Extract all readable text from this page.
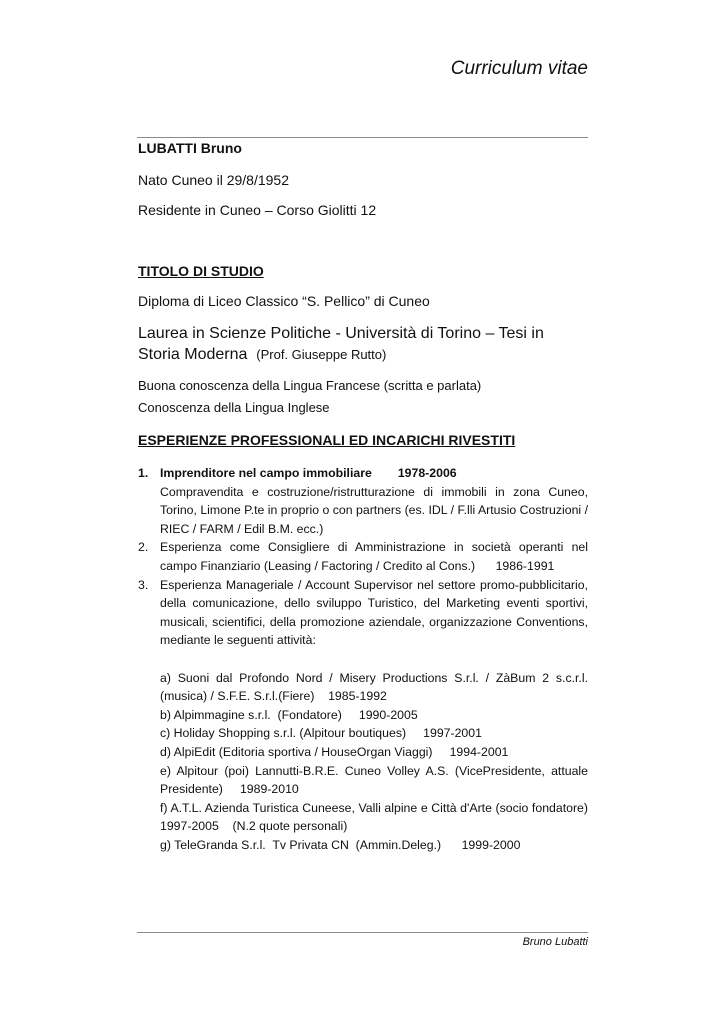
Curriculum vitae
LUBATTI Bruno
Nato Cuneo il 29/8/1952
Residente in Cuneo – Corso Giolitti 12
TITOLO DI STUDIO
Diploma di Liceo Classico “S. Pellico” di Cuneo
Laurea in Scienze Politiche - Università di Torino – Tesi in Storia Moderna (Prof. Giuseppe Rutto)
Buona conoscenza della Lingua Francese (scritta e parlata)
Conoscenza della Lingua Inglese
ESPERIENZE PROFESSIONALI ED INCARICHI RIVESTITI
1. Imprenditore nel campo immobiliare 1978-2006
Compravendita e costruzione/ristrutturazione di immobili in zona Cuneo, Torino, Limone P.te in proprio o con partners (es. IDL / F.lli Artusio Costruzioni / RIEC / FARM / Edil B.M. ecc.)
2. Esperienza come Consigliere di Amministrazione in società operanti nel campo Finanziario (Leasing / Factoring / Credito al Cons.)      1986-1991
3. Esperienza Manageriale / Account Supervisor nel settore promo-pubblicitario, della comunicazione, dello sviluppo Turistico, del Marketing eventi sportivi, musicali, scientifici, della promozione aziendale, organizzazione Conventions, mediante le seguenti attività:
a) Suoni dal Profondo Nord / Misery Productions S.r.l. / ZàBum 2 s.c.r.l.(musica) / S.F.E. S.r.l.(Fiere)    1985-1992
b) Alpimmagine s.r.l.  (Fondatore)     1990-2005
c) Holiday Shopping s.r.l. (Alpitour boutiques)     1997-2001
d) AlpiEdit (Editoria sportiva / HouseOrgan Viaggi)     1994-2001
e) Alpitour (poi) Lannutti-B.R.E. Cuneo Volley A.S. (VicePresidente, attuale Presidente)     1989-2010
f) A.T.L. Azienda Turistica Cuneese, Valli alpine e Città d'Arte (socio fondatore) 1997-2005    (N.2 quote personali)
g) TeleGranda S.r.l.  Tv Privata CN  (Ammin.Deleg.)      1999-2000
Bruno Lubatti
